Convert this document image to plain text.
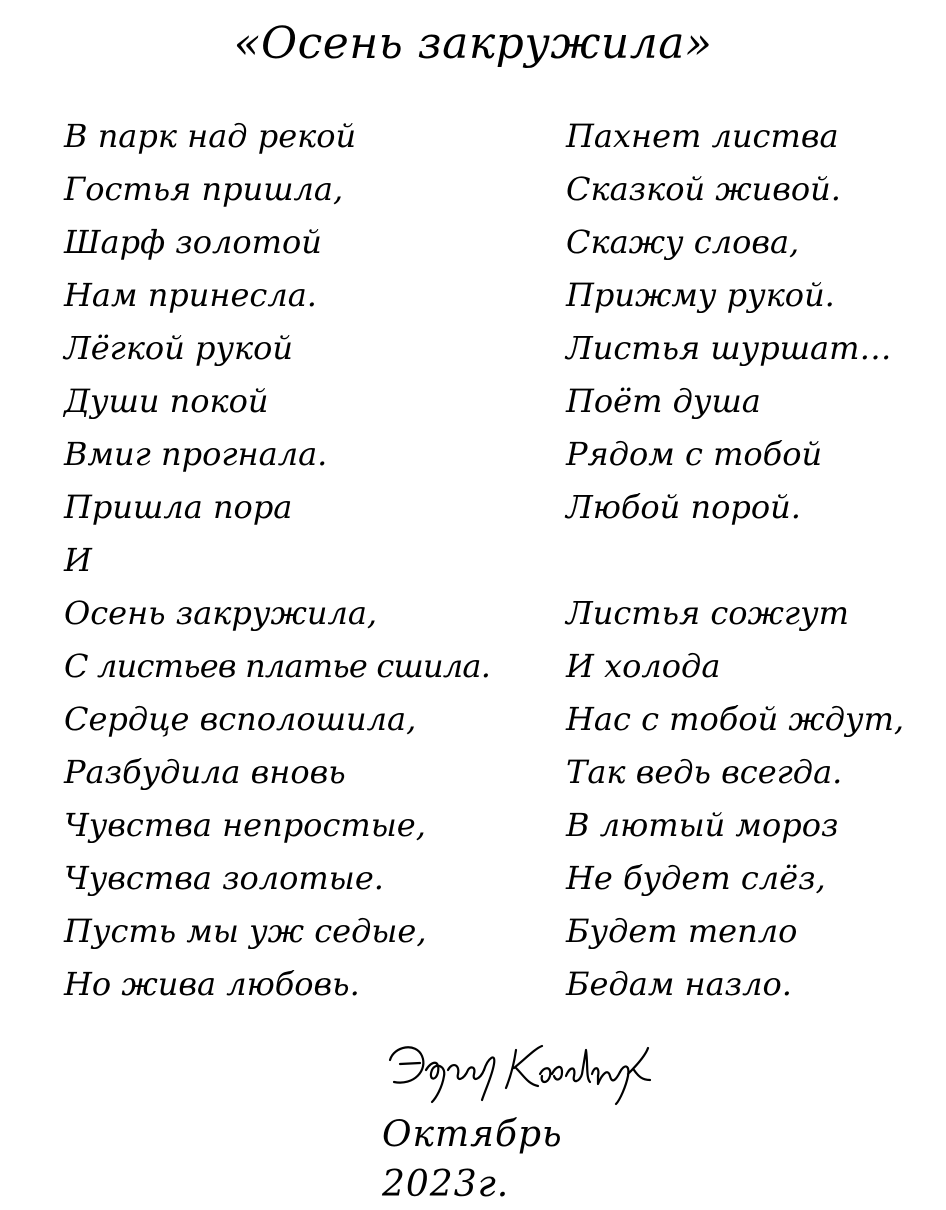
«Осень закружила»
В парк над рекой
Гостья пришла,
Шарф золотой
Нам принесла.
Лёгкой рукой
Души покой
Вмиг прогнала.
Пришла пора
И
Осень закружила,
С листьев платье сшила.
Сердце всполошила,
Разбудила вновь
Чувства непростые,
Чувства золотые.
Пусть мы уж седые,
Но жива любовь.
Пахнет листва
Сказкой живой.
Скажу слова,
Прижму рукой.
Листья шуршат…
Поёт душа
Рядом с тобой
Любой порой.
Листья сожгут
И холода
Нас с тобой ждут,
Так ведь всегда.
В лютый мороз
Не будет слёз,
Будет тепло
Бедам назло.
Октябрь 2023г.
